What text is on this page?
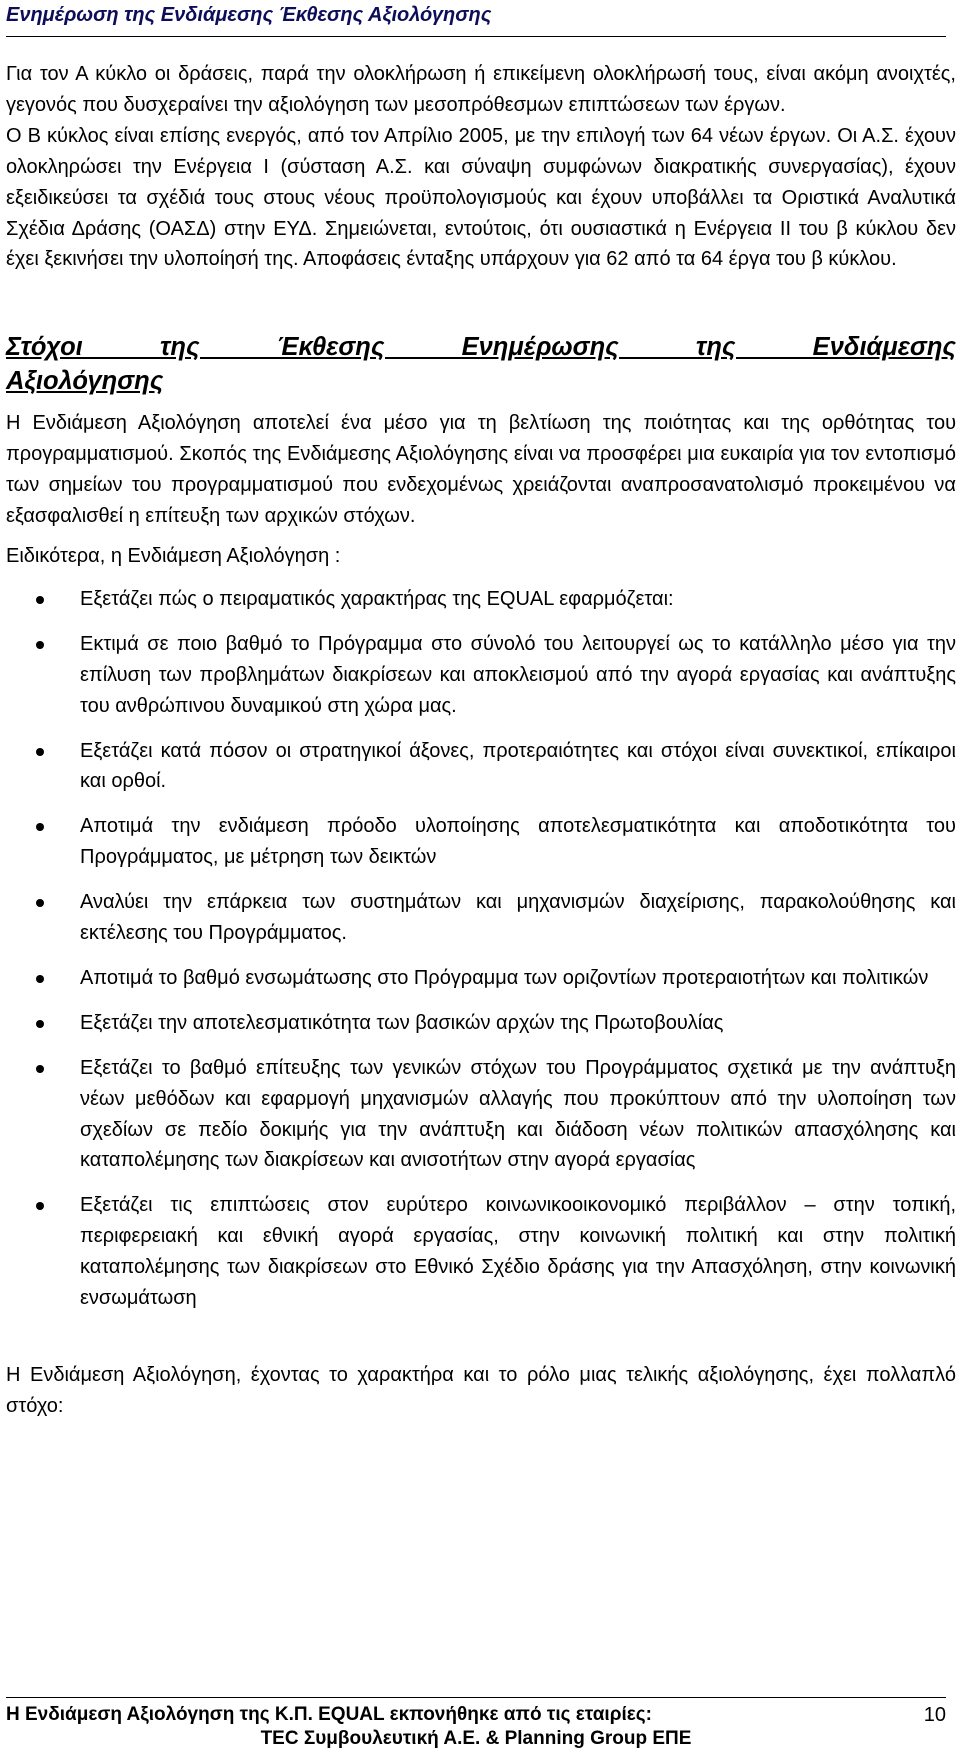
Ενημέρωση της Ενδιάμεσης Έκθεσης Αξιολόγησης

Για τον Α κύκλο οι δράσεις, παρά την ολοκλήρωση ή επικείμενη ολοκλήρωσή τους, είναι ακόμη ανοιχτές, γεγονός που δυσχεραίνει την αξιολόγηση των μεσοπρόθεσμων επιπτώσεων των έργων.

Ο Β κύκλος είναι επίσης ενεργός, από τον Απρίλιο 2005, με την επιλογή των 64 νέων έργων. Οι Α.Σ. έχουν ολοκληρώσει την Ενέργεια Ι (σύσταση Α.Σ. και σύναψη συμφώνων διακρατικής συνεργασίας), έχουν εξειδικεύσει τα σχέδιά τους στους νέους προϋπολογισμούς και έχουν υποβάλλει τα Οριστικά Αναλυτικά Σχέδια Δράσης (ΟΑΣΔ) στην ΕΥΔ. Σημειώνεται, εντούτοις, ότι ουσιαστικά η Ενέργεια ΙΙ του β κύκλου δεν έχει ξεκινήσει την υλοποίησή της. Αποφάσεις ένταξης υπάρχουν για 62 από τα 64 έργα του β κύκλου.

Στόχοι της Έκθεσης Ενημέρωσης της Ενδιάμεσης
Αξιολόγησης

Η Ενδιάμεση Αξιολόγηση αποτελεί ένα μέσο για τη βελτίωση της ποιότητας και της ορθότητας του προγραμματισμού. Σκοπός της Ενδιάμεσης Αξιολόγησης είναι να προσφέρει μια ευκαιρία για τον εντοπισμό των σημείων του προγραμματισμού που ενδεχομένως χρειάζονται αναπροσανατολισμό προκειμένου να εξασφαλισθεί η επίτευξη των αρχικών στόχων.

Ειδικότερα, η Ενδιάμεση Αξιολόγηση :

Εξετάζει πώς ο πειραματικός χαρακτήρας της EQUAL εφαρμόζεται:
Εκτιμά σε ποιο βαθμό το Πρόγραμμα στο σύνολό του λειτουργεί ως το κατάλληλο μέσο για την επίλυση των προβλημάτων διακρίσεων και αποκλεισμού από την αγορά εργασίας και ανάπτυξης του ανθρώπινου δυναμικού στη χώρα μας.
Εξετάζει κατά πόσον οι στρατηγικοί άξονες, προτεραιότητες και στόχοι είναι συνεκτικοί, επίκαιροι και ορθοί.
Αποτιμά την ενδιάμεση πρόοδο υλοποίησης αποτελεσματικότητα και αποδοτικότητα του Προγράμματος, με μέτρηση των δεικτών
Αναλύει την επάρκεια των συστημάτων και μηχανισμών διαχείρισης, παρακολούθησης και εκτέλεσης του Προγράμματος.
Αποτιμά το βαθμό ενσωμάτωσης στο Πρόγραμμα των οριζοντίων προτεραιοτήτων και πολιτικών
Εξετάζει την αποτελεσματικότητα των βασικών αρχών της Πρωτοβουλίας
Εξετάζει το βαθμό επίτευξης των γενικών στόχων του Προγράμματος σχετικά με την ανάπτυξη νέων μεθόδων και εφαρμογή μηχανισμών αλλαγής που προκύπτουν από την υλοποίηση των σχεδίων σε πεδίο δοκιμής για την ανάπτυξη και διάδοση νέων πολιτικών απασχόλησης και καταπολέμησης των διακρίσεων και ανισοτήτων στην αγορά εργασίας
Εξετάζει τις επιπτώσεις στον ευρύτερο κοινωνικοοικονομικό περιβάλλον – στην τοπική, περιφερειακή και εθνική αγορά εργασίας, στην κοινωνική πολιτική και στην πολιτική καταπολέμησης των διακρίσεων στο Εθνικό Σχέδιο δράσης για την Απασχόληση, στην κοινωνική ενσωμάτωση

Η Ενδιάμεση Αξιολόγηση, έχοντας το χαρακτήρα και το ρόλο μιας τελικής αξιολόγησης, έχει πολλαπλό στόχο:

Η Ενδιάμεση Αξιολόγηση της Κ.Π. EQUAL εκπονήθηκε από τις εταιρίες:
TEC Συμβουλευτική Α.Ε. & Planning Group ΕΠΕ
10
